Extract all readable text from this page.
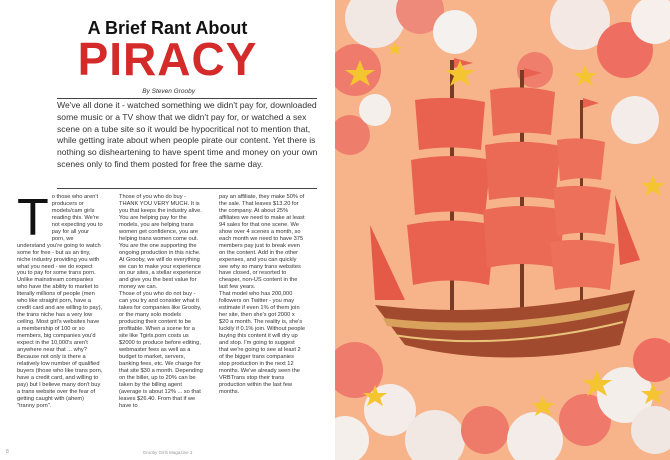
A Brief Rant About
PIRACY
By Steven Grooby
We've all done it - watched something we didn't pay for, downloaded some music or a TV show that we didn't pay for, or watched a sex scene on a tube site so it would be hypocritical not to mention that, while getting irate about when people pirate our content. Yet there is nothing so disheartening to have spent time and money on your own scenes only to find them posted for free the same day.
T o those who aren't producers or models/cam girls reading this. We're not expecting you to pay for all your porn, we understand you're going to watch some for free - but as an tiny, niche industry providing you with what you need - we do expect you to pay for some trans porn. Unlike mainstream companies who have the ability to market to literally millions of people (men who like straight porn, have a credit card and are willing to pay), the trans niche has a very low ceiling. Most girl's websites have a membership of 100 or so members, big companies you'd expect in the 10,000's aren't anywhere near that ... why? Because not only is there a relatively low number of qualified buyers (those who like trans porn, have a credit card, and willing to pay) but I believe many don't buy a trans website over the fear of getting caught with (ahem) "tranny porn".

Those of you who do buy - THANK YOU VERY MUCH. It is you that keeps the industry alive. You are helping pay for the models, you are helping trans women get confidence, you are helping trans women come out. You are the one supporting the ongoing production in this niche. At Grooby, we will do everything we can to make your experience on our sites, a stellar experience and give you the best value for money we can.

Those of you who do not buy - can you try and consider what it takes for companies like Grooby, or the many solo models producing their content to be profitable. When a scene for a site like Tgirls.porn costs us $2000 to produce before editing, webmaster fees as well as a budget to market, servers, banking fees, etc. We charge for that site $30 a month. Depending on the biller, up to 20% can be taken by the billing agent (average is about 12% ... so that leaves $26.40. From that if we have to

pay an affiliate, they make 50% of the sale. That leaves $13.20 for the company. At about 25% affiliates we need to make at least 94 sales for that one scene. We show over 4 scenes a month, so each month we need to have 375 members pay just to break even on the content. Add in the other expenses, and you can quickly see why so many trans websites have closed, or resorted to cheaper, non-US content in the last few years.

That model who has 200,000 followers on Twitter - you may estimate if even 1% of them join her site, then she's got 2000 x $20 a month. The reality is, she's luckily if 0.1% join. Without people buying this content it will dry up and stop. I'm going to suggest that we're going to see at least 2 of the bigger trans companies stop production in the next 12 months. We've already seen the VRBTrans stop their trans production within the last few months.

8	Grooby Girls Magazine 3
